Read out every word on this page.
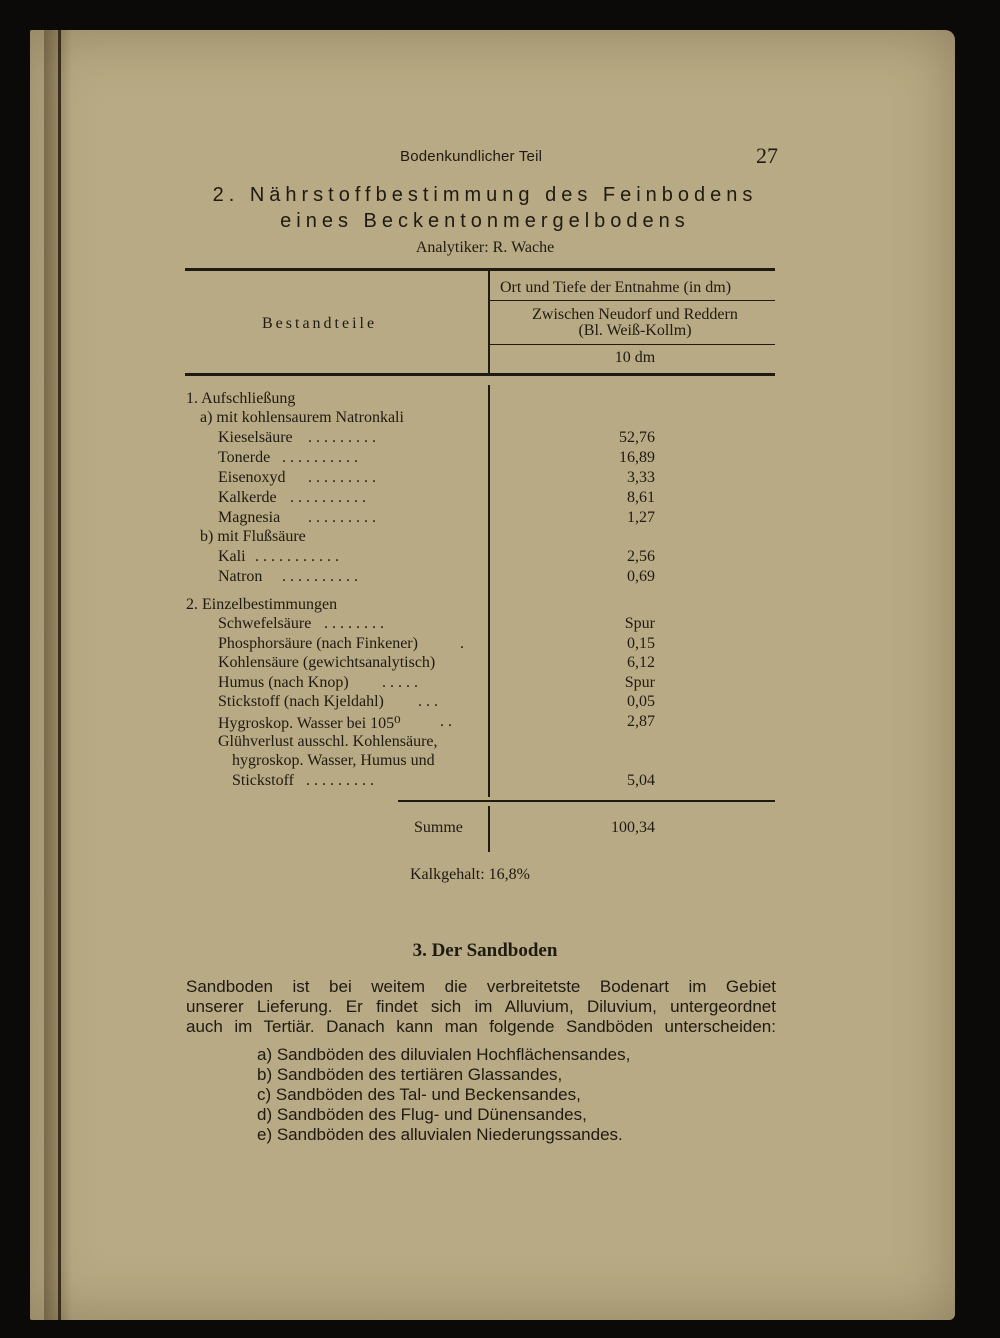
Bodenkundlicher Teil	27
2. Nährstoffbestimmung des Feinbodens
eines Beckentonmergelbodens
Analytiker: R. Wache
Bestandteile
Ort und Tiefe der Entnahme (in dm)
Zwischen Neudorf und Reddern
(Bl. Weiß-Kollm)
10 dm
1. Aufschließung
a) mit kohlensaurem Natronkali
Kieselsäure . . . . . . . . .	52,76
Tonerde . . . . . . . . . .	16,89
Eisenoxyd . . . . . . . . .	3,33
Kalkerde . . . . . . . . . .	8,61
Magnesia . . . . . . . . .	1,27
b) mit Flußsäure
Kali . . . . . . . . . . .	2,56
Natron . . . . . . . . . .	0,69
2. Einzelbestimmungen
Schwefelsäure . . . . . . . .	Spur
Phosphorsäure (nach Finkener)	.	0,15
Kohlensäure (gewichtsanalytisch)	6,12
Humus (nach Knop) . . . . .	Spur
Stickstoff (nach Kjeldahl) . . .	0,05
Hygroskop. Wasser bei 105⁰ . .	2,87
Glühverlust ausschl. Kohlensäure,
hygroskop. Wasser, Humus und
Stickstoff . . . . . . . . .	5,04
Summe	100,34
Kalkgehalt: 16,8%
3. Der Sandboden
Sandboden ist bei weitem die verbreitetste Bodenart im Gebiet
unserer Lieferung. Er findet sich im Alluvium, Diluvium, untergeordnet
auch im Tertiär. Danach kann man folgende Sandböden unterscheiden:
a) Sandböden des diluvialen Hochflächensandes,
b) Sandböden des tertiären Glassandes,
c) Sandböden des Tal- und Beckensandes,
d) Sandböden des Flug- und Dünensandes,
e) Sandböden des alluvialen Niederungssandes.
